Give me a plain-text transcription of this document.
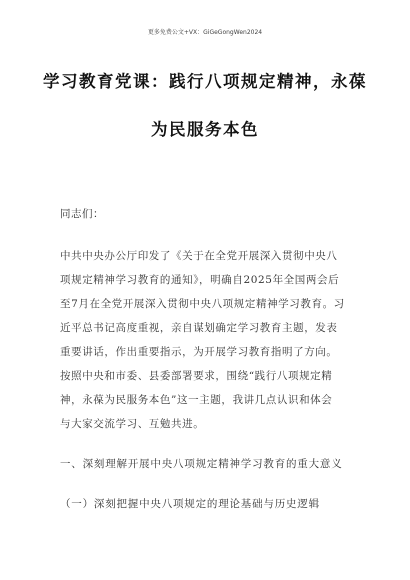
更多免费公文+VX：GiGeGongWen2024
学习教育党课：践行八项规定精神，永葆
为民服务本色
同志们：
中共中央办公厅印发了《关于在全党开展深入贯彻中央八
项规定精神学习教育的通知》，明确自2025年全国两会后
至7月在全党开展深入贯彻中央八项规定精神学习教育。习
近平总书记高度重视，亲自谋划确定学习教育主题，发表
重要讲话，作出重要指示，为开展学习教育指明了方向。
按照中央和市委、县委部署要求，围绕“践行八项规定精
神，永葆为民服务本色”这一主题，我讲几点认识和体会
与大家交流学习、互勉共进。
一、深刻理解开展中央八项规定精神学习教育的重大意义
（一）深刻把握中央八项规定的理论基础与历史逻辑
